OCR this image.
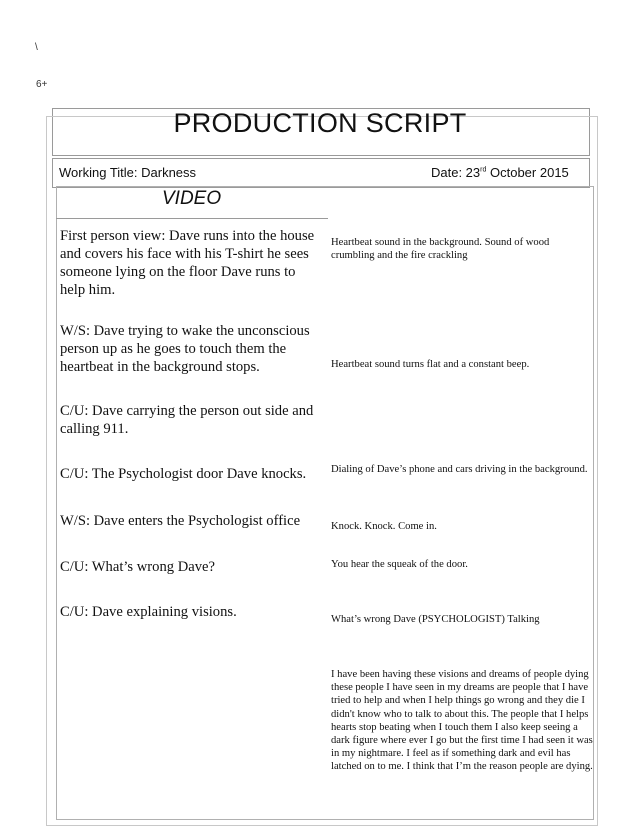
\
6+
PRODUCTION SCRIPT
Working Title: Darkness	Date: 23rd October 2015
VIDEO
First person view: Dave runs into the house and covers his face with his T-shirt he sees someone lying on the floor Dave runs to help him.
W/S: Dave trying to wake the unconscious person up as he goes to touch them the heartbeat in the background stops.
C/U: Dave carrying the person out side and calling 911.
C/U: The Psychologist door Dave knocks.
W/S: Dave enters the Psychologist office
C/U: What’s wrong Dave?
C/U: Dave explaining visions.
Heartbeat sound in the background. Sound of wood crumbling and the fire crackling
Heartbeat sound turns flat and a constant beep.
Dialing of Dave’s phone and cars driving in the background.
Knock. Knock. Come in.
You hear the squeak of the door.
What’s wrong Dave (PSYCHOLOGIST) Talking
I have been having these visions and dreams of people dying these people I have seen in my dreams are people that I have tried to help and when I help things go wrong and they die I didn't know who to talk to about this. The people that I helps hearts stop beating when I touch them I also keep seeing a dark figure where ever I go but the first time I had seen it was in my nightmare. I feel as if something dark and evil has latched on to me. I think that I’m the reason people are dying.
